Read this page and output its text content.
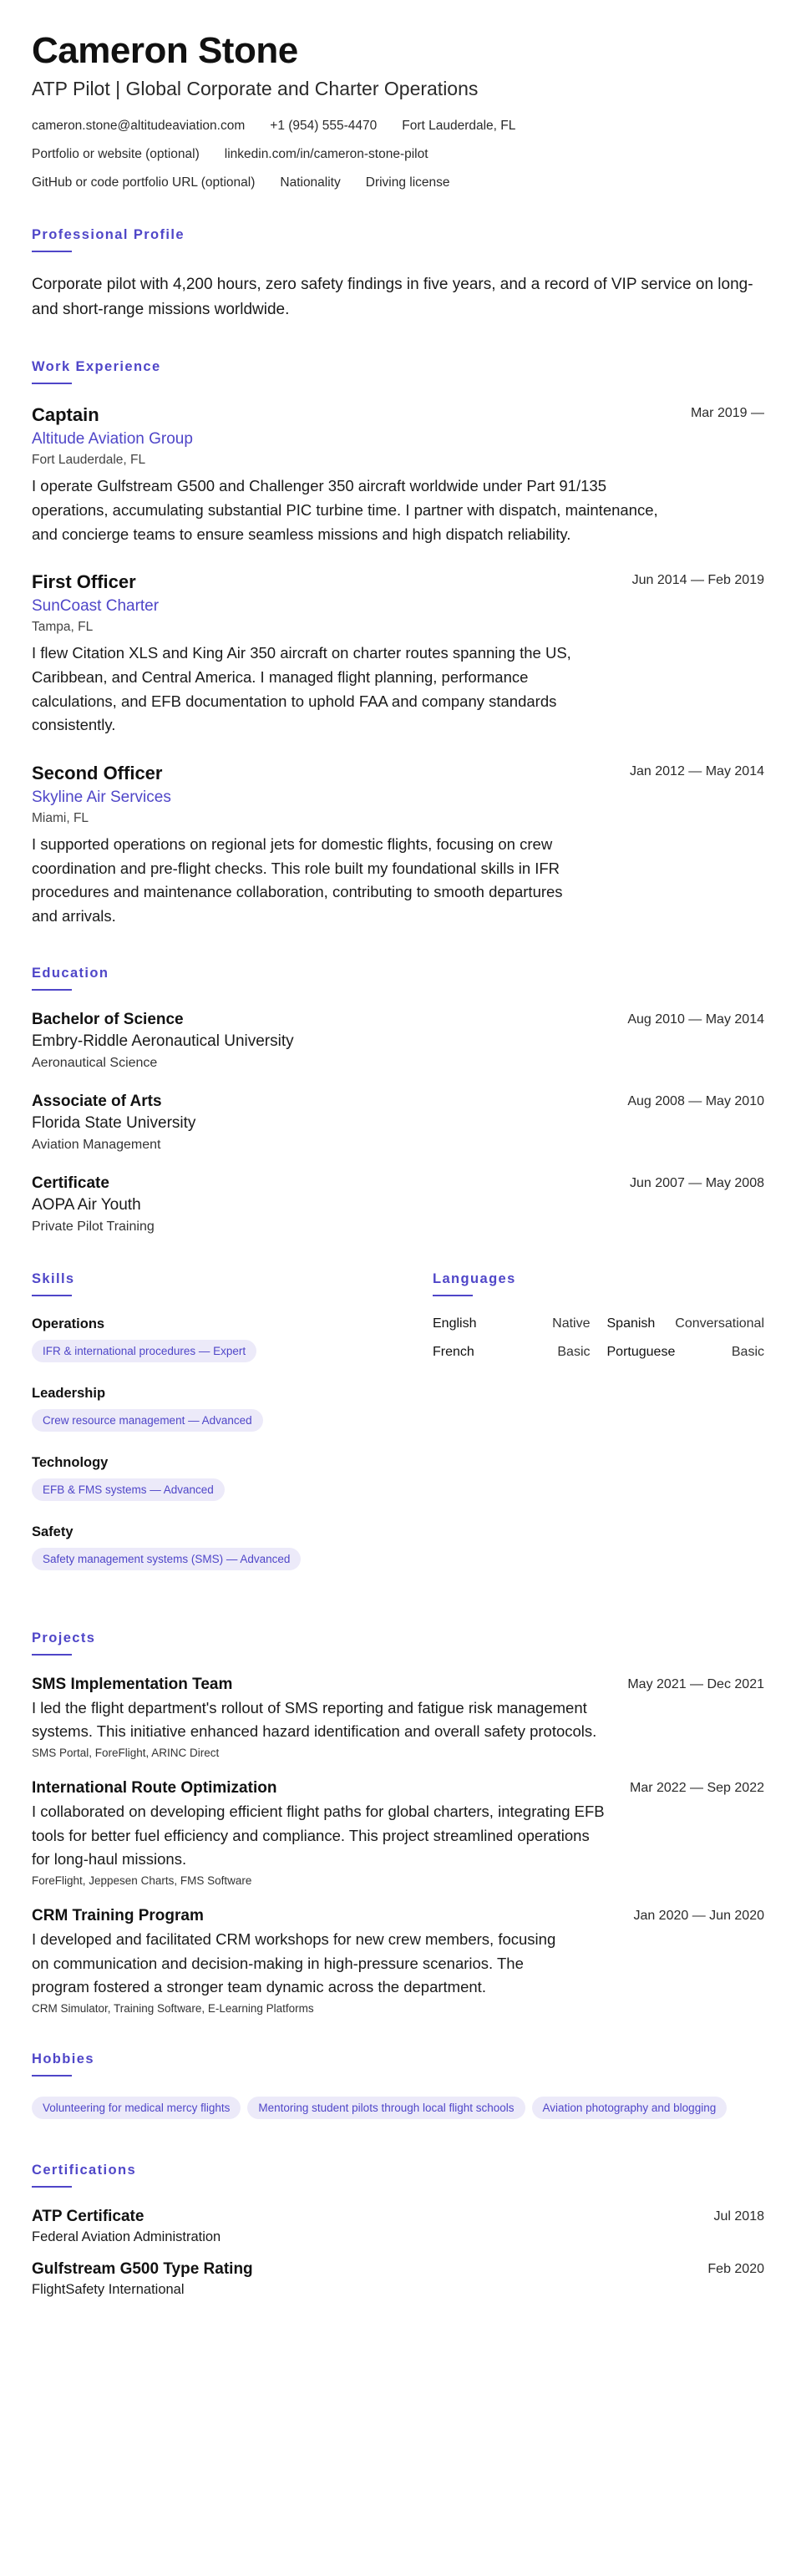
Cameron Stone
ATP Pilot | Global Corporate and Charter Operations
cameron.stone@altitudeaviation.com +1 (954) 555-4470 Fort Lauderdale, FL
Portfolio or website (optional) linkedin.com/in/cameron-stone-pilot
GitHub or code portfolio URL (optional) Nationality Driving license
Professional Profile

Corporate pilot with 4,200 hours, zero safety findings in five years, and a record of VIP service on long- and short-range missions worldwide.

Work Experience
Captain
Altitude Aviation Group
Fort Lauderdale, FL
Mar 2019 —

I operate Gulfstream G500 and Challenger 350 aircraft worldwide under Part 91/135 operations, accumulating substantial PIC turbine time. I partner with dispatch, maintenance, and concierge teams to ensure seamless missions and high dispatch reliability.

First Officer
SunCoast Charter
Tampa, FL
Jun 2014 — Feb 2019

I flew Citation XLS and King Air 350 aircraft on charter routes spanning the US, Caribbean, and Central America. I managed flight planning, performance calculations, and EFB documentation to uphold FAA and company standards consistently.

Second Officer
Skyline Air Services
Miami, FL
Jan 2012 — May 2014

I supported operations on regional jets for domestic flights, focusing on crew coordination and pre-flight checks. This role built my foundational skills in IFR procedures and maintenance collaboration, contributing to smooth departures and arrivals.

Education
Bachelor of Science
Embry-Riddle Aeronautical University
Aeronautical Science
Aug 2010 — May 2014
Associate of Arts
Florida State University
Aviation Management
Aug 2008 — May 2010
Certificate
AOPA Air Youth
Private Pilot Training
Jun 2007 — May 2008
Skills
Operations
IFR & international procedures — Expert
Leadership
Crew resource management — Advanced
Technology
EFB & FMS systems — Advanced
Safety
Safety management systems (SMS) — Advanced
Languages
English	Native Spanish Conversational
French	Basic Portuguese	Basic
Projects
SMS Implementation Team	May 2021 — Dec 2021

I led the flight department's rollout of SMS reporting and fatigue risk management systems. This initiative enhanced hazard identification and overall safety protocols.

SMS Portal, ForeFlight, ARINC Direct
International Route Optimization	Mar 2022 — Sep 2022

I collaborated on developing efficient flight paths for global charters, integrating EFB tools for better fuel efficiency and compliance. This project streamlined operations for long-haul missions.

ForeFlight, Jeppesen Charts, FMS Software
CRM Training Program	Jan 2020 — Jun 2020

I developed and facilitated CRM workshops for new crew members, focusing on communication and decision-making in high-pressure scenarios. The program fostered a stronger team dynamic across the department.

CRM Simulator, Training Software, E-Learning Platforms
Hobbies
Volunteering for medical mercy flights	Mentoring student pilots through local flight schools	Aviation photography and blogging
Certifications
ATP Certificate
Federal Aviation Administration
Jul 2018
Gulfstream G500 Type Rating
FlightSafety International
Feb 2020
